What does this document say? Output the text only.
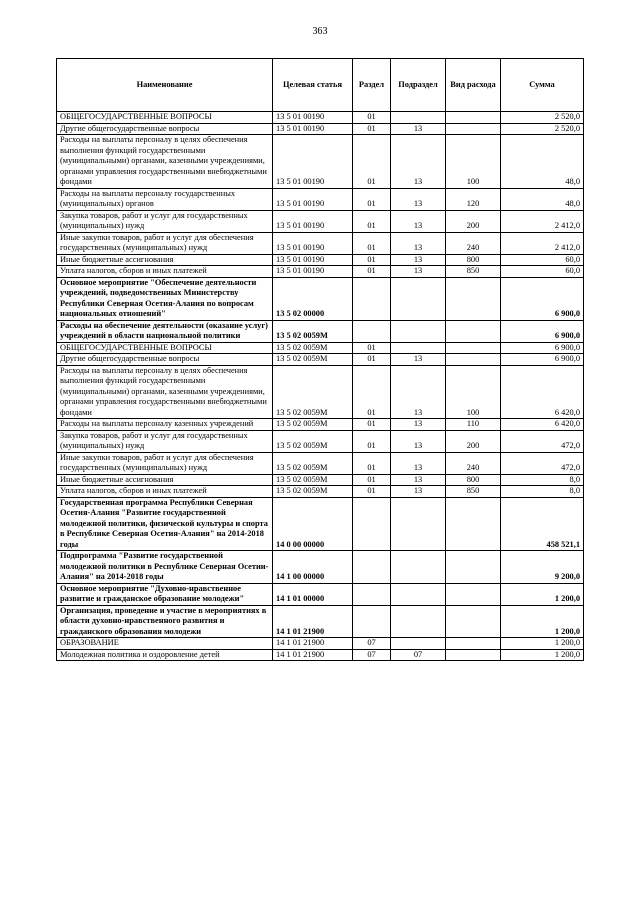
363
Наименование	Целевая статья	Раздел	Подраздел	Вид расхода	Сумма
ОБЩЕГОСУДАРСТВЕННЫЕ ВОПРОСЫ	13 5 01 00190	01			2 520,0
Другие общегосударственные вопросы	13 5 01 00190	01	13		2 520,0
Расходы на выплаты персоналу в целях обеспечения выполнения функций государственными (муниципальными) органами, казенными учреждениями, органами управления государственными внебюджетными фондами	13 5 01 00190	01	13	100	48,0
Расходы на выплаты персоналу государственных (муниципальных) органов	13 5 01 00190	01	13	120	48,0
Закупка товаров, работ и услуг для государственных (муниципальных) нужд	13 5 01 00190	01	13	200	2 412,0
Иные закупки товаров, работ и услуг для обеспечения государственных (муниципальных) нужд	13 5 01 00190	01	13	240	2 412,0
Иные бюджетные ассигнования	13 5 01 00190	01	13	800	60,0
Уплата налогов, сборов и иных платежей	13 5 01 00190	01	13	850	60,0
Основное мероприятие "Обеспечение деятельности учреждений, подведомственных Министерству Республики Северная Осетия-Алания по вопросам национальных отношений"	13 5 02 00000				6 900,0
Расходы на обеспечение деятельности (оказание услуг) учреждений в области национальной политики	13 5 02 0059М				6 900,0
ОБЩЕГОСУДАРСТВЕННЫЕ ВОПРОСЫ	13 5 02 0059М	01			6 900,0
Другие общегосударственные вопросы	13 5 02 0059М	01	13		6 900,0
Расходы на выплаты персоналу в целях обеспечения выполнения функций государственными (муниципальными) органами, казенными учреждениями, органами управления государственными внебюджетными фондами	13 5 02 0059М	01	13	100	6 420,0
Расходы на выплаты персоналу казенных учреждений	13 5 02 0059М	01	13	110	6 420,0
Закупка товаров, работ и услуг для государственных (муниципальных) нужд	13 5 02 0059М	01	13	200	472,0
Иные закупки товаров, работ и услуг для обеспечения государственных (муниципальных) нужд	13 5 02 0059М	01	13	240	472,0
Иные бюджетные ассигнования	13 5 02 0059М	01	13	800	8,0
Уплата налогов, сборов и иных платежей	13 5 02 0059М	01	13	850	8,0
Государственная программа Республики Северная Осетия-Алания "Развитие государственной молодежной политики, физической культуры и спорта в Республике Северная Осетия-Алания" на 2014-2018 годы	14 0 00 00000				458 521,1
Подпрограмма "Развитие государственной молодежной политики в Республике Северная Осетии-Алания" на 2014-2018 годы	14 1 00 00000				9 200,0
Основное мероприятие "Духовно-нравственное развитие и гражданское образование молодежи"	14 1 01 00000				1 200,0
Организация, проведение и участие в мероприятиях в области духовно-нравственного развития и гражданского образования молодежи	14 1 01 21900				1 200,0
ОБРАЗОВАНИЕ	14 1 01 21900	07			1 200,0
Молодежная политика и оздоровление детей	14 1 01 21900	07	07		1 200,0
